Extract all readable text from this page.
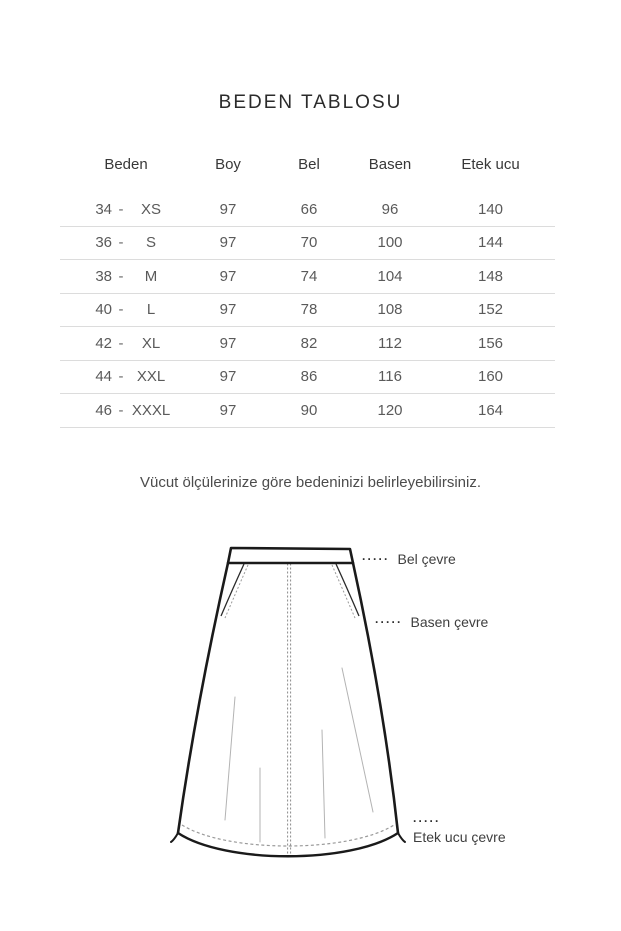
BEDEN TABLOSU
Beden	Boy	Bel	Basen	Etek ucu
34 -	XS	97	66	96	140
36 -	S	97	70	100	144
38 -	M	97	74	104	148
40 -	L	97	78	108	152
42 -	XL	97	82	112	156
44 - XXL	97	86	116	160
46 - XXXL	97	90	120	164

Vücut ölçülerinize göre bedeninizi belirleyebilirsiniz.

····· Bel çevre
····· Basen çevre
·····
Etek ucu çevre
